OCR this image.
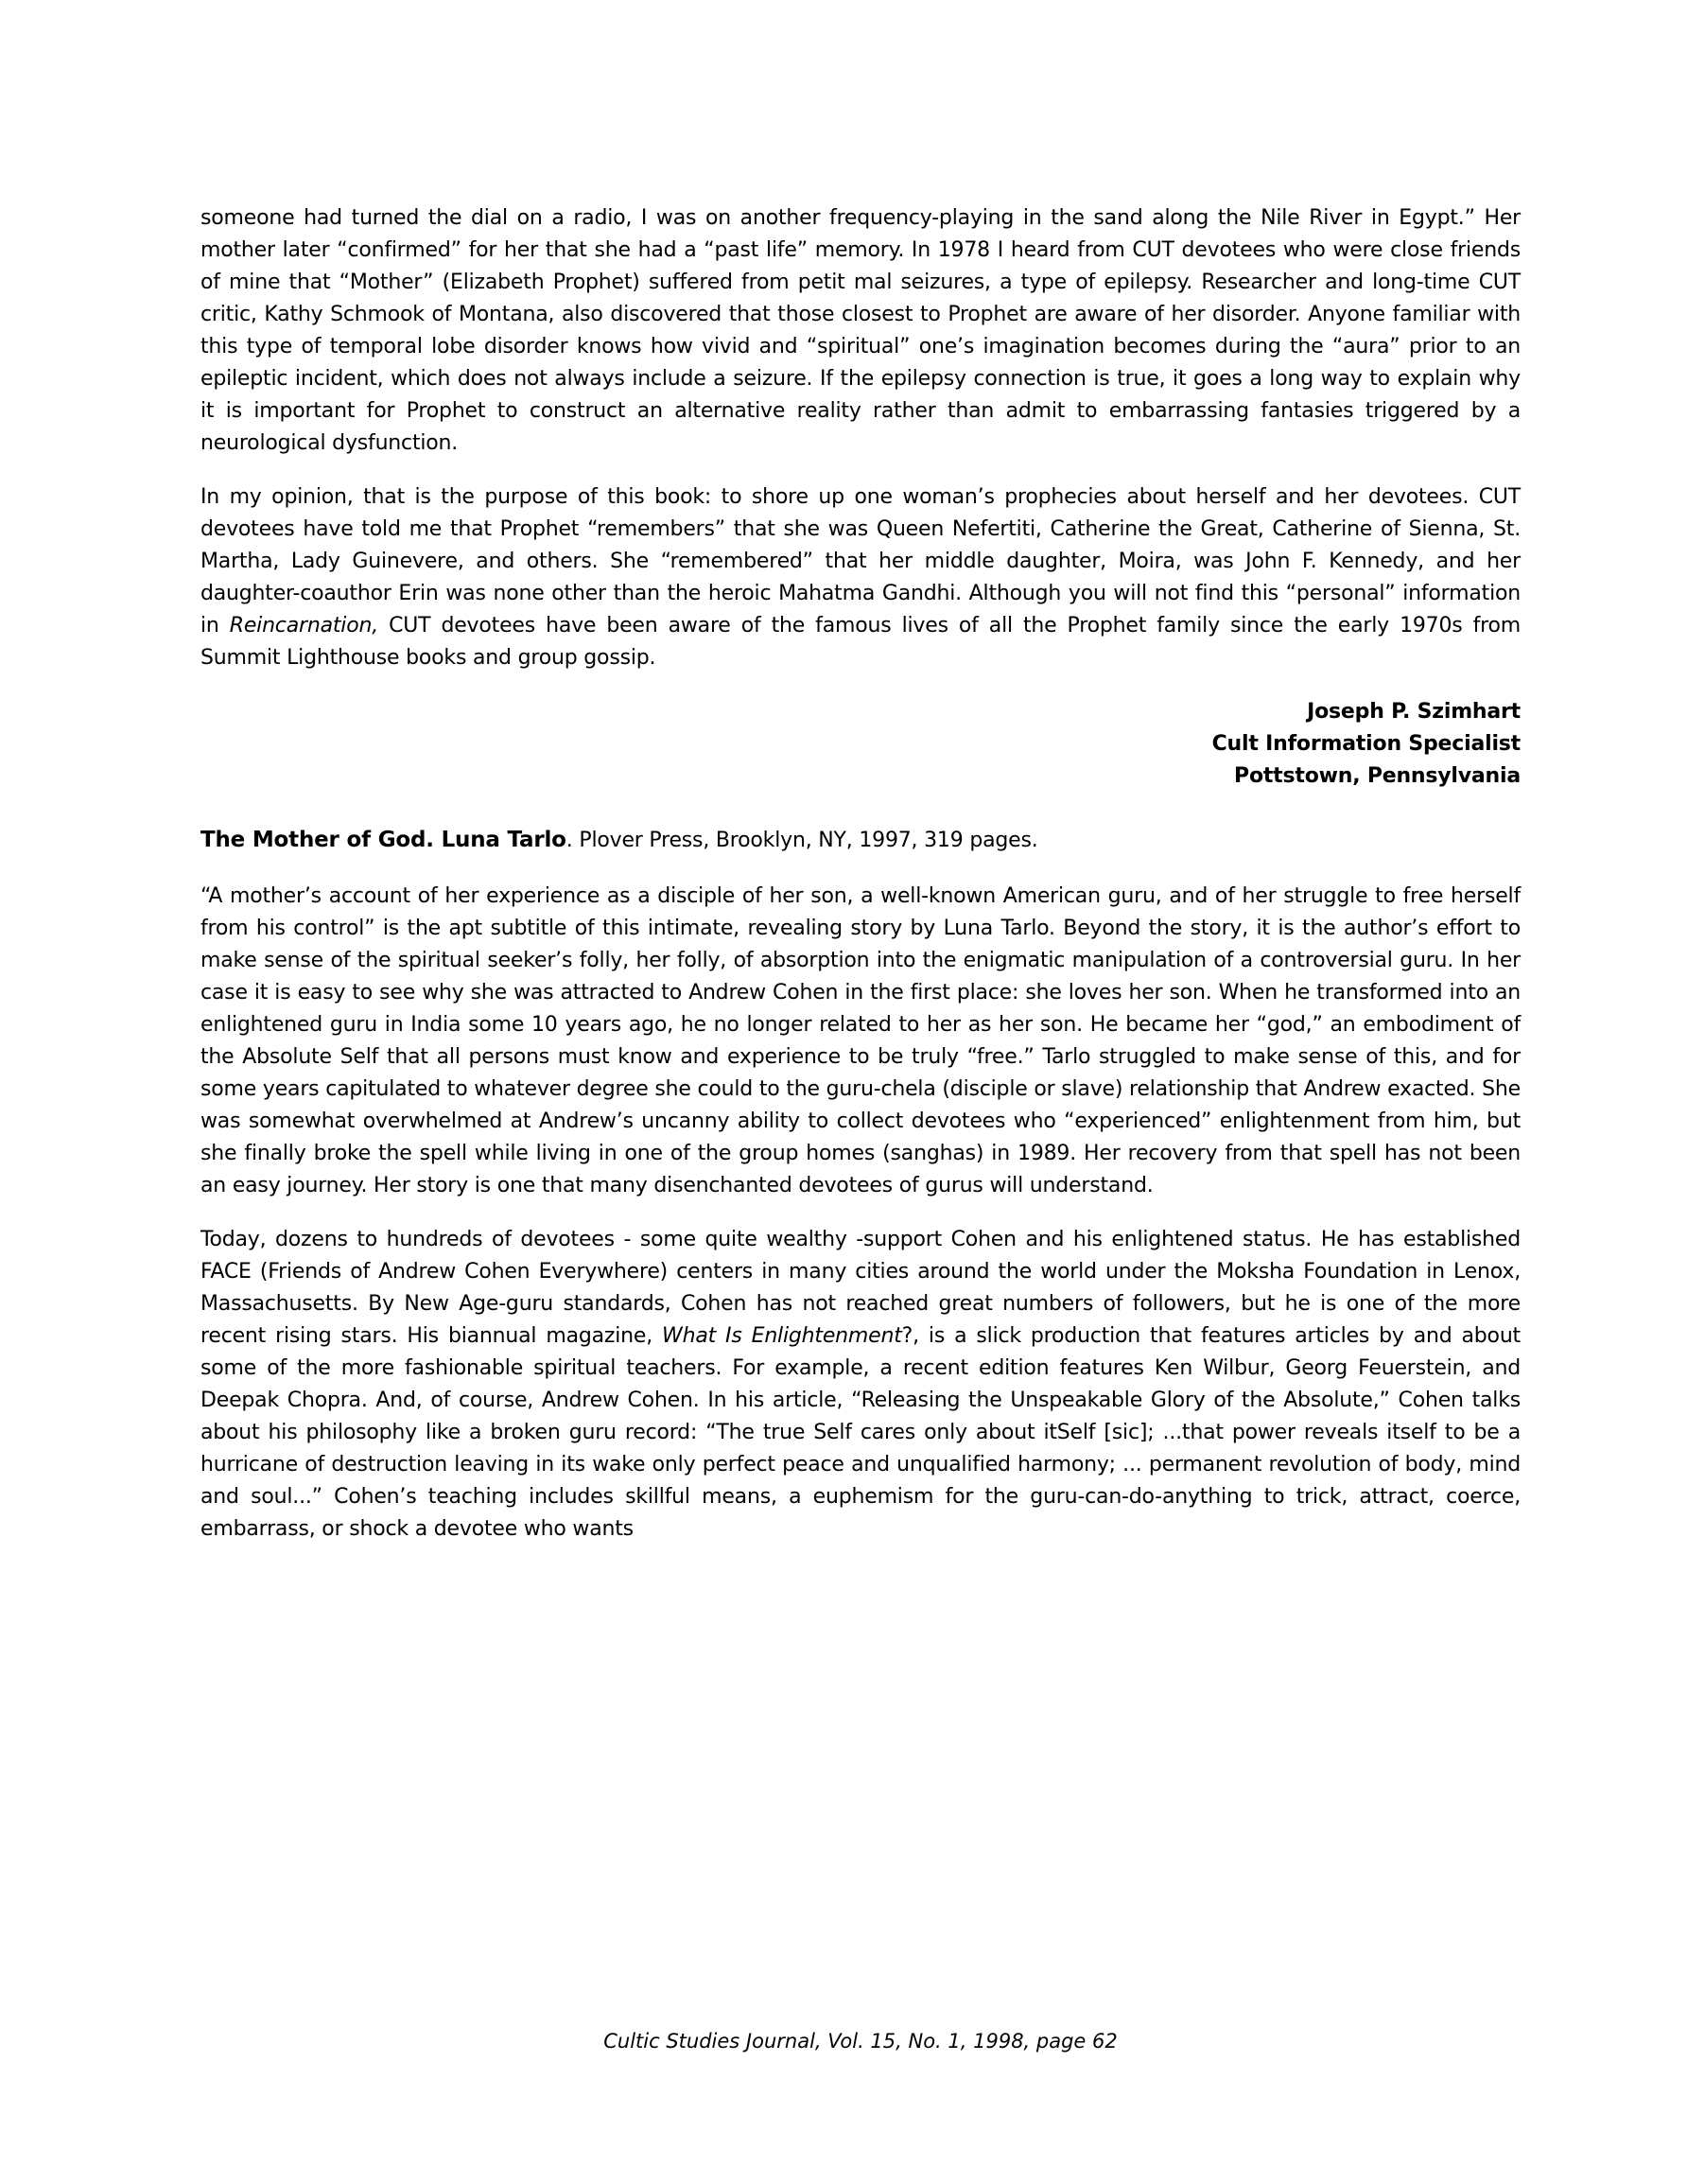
someone had turned the dial on a radio, I was on another frequency-playing in the sand along the Nile River in Egypt.” Her mother later “confirmed” for her that she had a “past life” memory. In 1978 I heard from CUT devotees who were close friends of mine that “Mother” (Elizabeth Prophet) suffered from petit mal seizures, a type of epilepsy. Researcher and long-time CUT critic, Kathy Schmook of Montana, also discovered that those closest to Prophet are aware of her disorder. Anyone familiar with this type of temporal lobe disorder knows how vivid and “spiritual” one’s imagination becomes during the “aura” prior to an epileptic incident, which does not always include a seizure. If the epilepsy connection is true, it goes a long way to explain why it is important for Prophet to construct an alternative reality rather than admit to embarrassing fantasies triggered by a neurological dysfunction.

In my opinion, that is the purpose of this book: to shore up one woman’s prophecies about herself and her devotees. CUT devotees have told me that Prophet “remembers” that she was Queen Nefertiti, Catherine the Great, Catherine of Sienna, St. Martha, Lady Guinevere, and others. She “remembered” that her middle daughter, Moira, was John F. Kennedy, and her daughter-coauthor Erin was none other than the heroic Mahatma Gandhi. Although you will not find this “personal” information in Reincarnation, CUT devotees have been aware of the famous lives of all the Prophet family since the early 1970s from Summit Lighthouse books and group gossip.

Joseph P. Szimhart
Cult Information Specialist
Pottstown, Pennsylvania

The Mother of God. Luna Tarlo. Plover Press, Brooklyn, NY, 1997, 319 pages.

“A mother’s account of her experience as a disciple of her son, a well-known American guru, and of her struggle to free herself from his control” is the apt subtitle of this intimate, revealing story by Luna Tarlo. Beyond the story, it is the author’s effort to make sense of the spiritual seeker’s folly, her folly, of absorption into the enigmatic manipulation of a controversial guru. In her case it is easy to see why she was attracted to Andrew Cohen in the first place: she loves her son. When he transformed into an enlightened guru in India some 10 years ago, he no longer related to her as her son. He became her “god,” an embodiment of the Absolute Self that all persons must know and experience to be truly “free.” Tarlo struggled to make sense of this, and for some years capitulated to whatever degree she could to the guru-chela (disciple or slave) relationship that Andrew exacted. She was somewhat overwhelmed at Andrew’s uncanny ability to collect devotees who “experienced” enlightenment from him, but she finally broke the spell while living in one of the group homes (sanghas) in 1989. Her recovery from that spell has not been an easy journey. Her story is one that many disenchanted devotees of gurus will understand.

Today, dozens to hundreds of devotees - some quite wealthy -support Cohen and his enlightened status. He has established FACE (Friends of Andrew Cohen Everywhere) centers in many cities around the world under the Moksha Foundation in Lenox, Massachusetts. By New Age-guru standards, Cohen has not reached great numbers of followers, but he is one of the more recent rising stars. His biannual magazine, What Is Enlightenment?, is a slick production that features articles by and about some of the more fashionable spiritual teachers. For example, a recent edition features Ken Wilbur, Georg Feuerstein, and Deepak Chopra. And, of course, Andrew Cohen. In his article, “Releasing the Unspeakable Glory of the Absolute,” Cohen talks about his philosophy like a broken guru record: “The true Self cares only about itSelf [sic]; ...that power reveals itself to be a hurricane of destruction leaving in its wake only perfect peace and unqualified harmony; ... permanent revolution of body, mind and soul...” Cohen’s teaching includes skillful means, a euphemism for the guru-can-do-anything to trick, attract, coerce, embarrass, or shock a devotee who wants

Cultic Studies Journal, Vol. 15, No. 1, 1998, page 62
